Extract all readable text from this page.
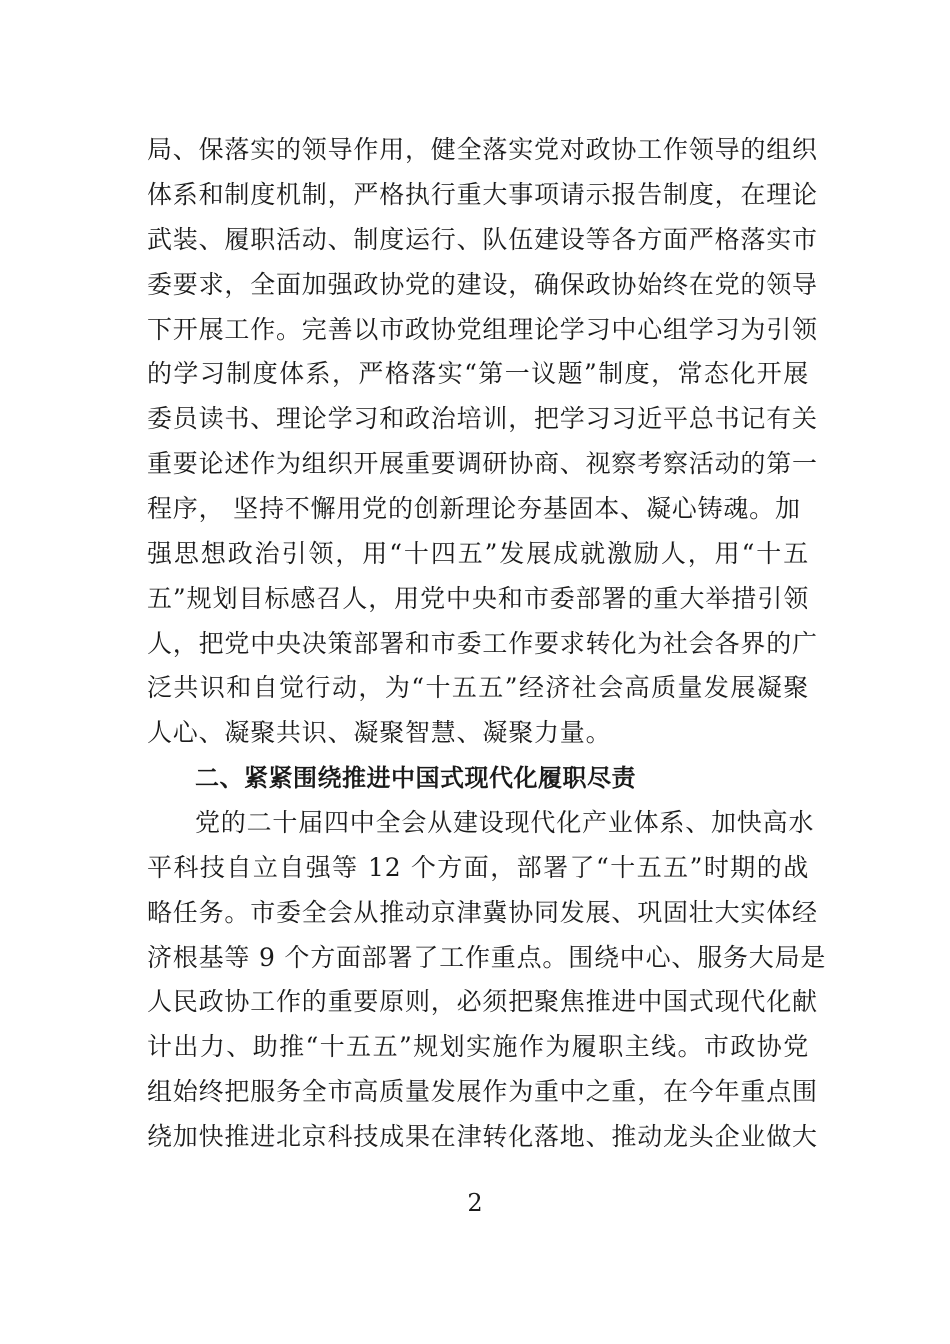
局、保落实的领导作用，健全落实党对政协工作领导的组织
体系和制度机制，严格执行重大事项请示报告制度，在理论
武装、履职活动、制度运行、队伍建设等各方面严格落实市
委要求，全面加强政协党的建设，确保政协始终在党的领导
下开展工作。完善以市政协党组理论学习中心组学习为引领
的学习制度体系，严格落实“第一议题”制度，常态化开展
委员读书、理论学习和政治培训，把学习习近平总书记有关
重要论述作为组织开展重要调研协商、视察考察活动的第一
程序， 坚持不懈用党的创新理论夯基固本、凝心铸魂。加
强思想政治引领，用“十四五”发展成就激励人，用“十五
五”规划目标感召人，用党中央和市委部署的重大举措引领
人，把党中央决策部署和市委工作要求转化为社会各界的广
泛共识和自觉行动，为“十五五”经济社会高质量发展凝聚
人心、凝聚共识、凝聚智慧、凝聚力量。
二、紧紧围绕推进中国式现代化履职尽责
党的二十届四中全会从建设现代化产业体系、加快高水
平科技自立自强等 12 个方面，部署了“十五五”时期的战
略任务。市委全会从推动京津冀协同发展、巩固壮大实体经
济根基等 9 个方面部署了工作重点。围绕中心、服务大局是
人民政协工作的重要原则，必须把聚焦推进中国式现代化献
计出力、助推“十五五”规划实施作为履职主线。市政协党
组始终把服务全市高质量发展作为重中之重，在今年重点围
绕加快推进北京科技成果在津转化落地、推动龙头企业做大
2
